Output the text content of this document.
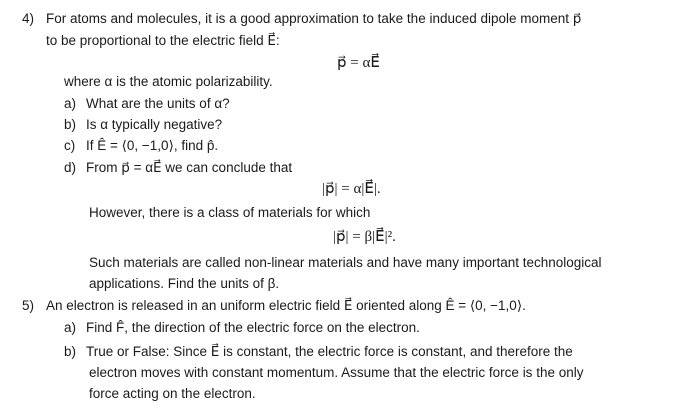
4) For atoms and molecules, it is a good approximation to take the induced dipole moment p⃗
to be proportional to the electric field E⃗:
p⃗ = αE⃗
where α is the atomic polarizability.
a) What are the units of α?
b) Is α typically negative?
c) If Ê = ⟨0, −1,0⟩, find p̂.
d) From p⃗ = αE⃗ we can conclude that
|p⃗| = α|E⃗|.
However, there is a class of materials for which
|p⃗| = β|E⃗|².
Such materials are called non-linear materials and have many important technological
applications. Find the units of β.
5) An electron is released in an uniform electric field E⃗ oriented along Ê = ⟨0, −1,0⟩.
a) Find F̂, the direction of the electric force on the electron.
b) True or False: Since E⃗ is constant, the electric force is constant, and therefore the
electron moves with constant momentum. Assume that the electric force is the only
force acting on the electron.
